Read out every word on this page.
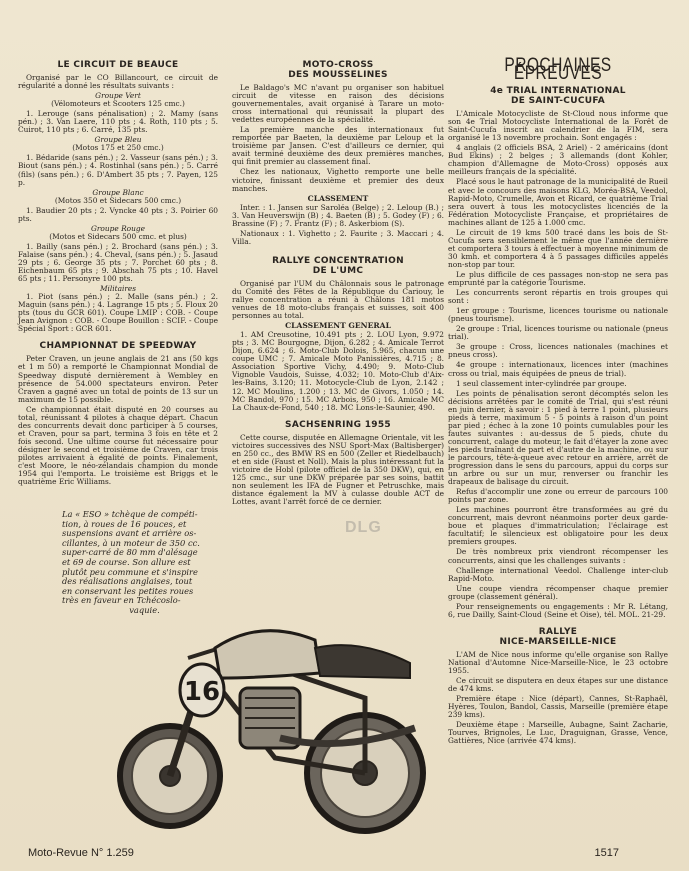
LE CIRCUIT DE BEAUCE

Organisé par le CO Billancourt, ce circuit de régularité a donné les résultats suivants :

Groupe Vert

(Vélomoteurs et Scooters 125 cmc.)

1. Lerouge (sans pénalisation) ; 2. Mamy (sans pén.) ; 3. Van Laere, 110 pts ; 4. Roth, 110 pts ; 5. Cuirot, 110 pts ; 6. Carré, 135 pts.

Groupe Bleu

(Motos 175 et 250 cmc.)

1. Bédaride (sans pén.) ; 2. Vasseur (sans pén.) ; 3. Biout (sans pén.) ; 4. Rostinhal (sans pén.) ; 5. Carré (fils) (sans pén.) ; 6. D'Ambert 35 pts ; 7. Payen, 125 p.

Groupe Blanc

(Motos 350 et Sidecars 500 cmc.)

1. Baudier 20 pts ; 2. Vyncke 40 pts ; 3. Poirier 60 pts.

Groupe Rouge

(Motos et Sidecars 500 cmc. et plus)

1. Bailly (sans pén.) ; 2. Brochard (sans pén.) ; 3. Falaise (sans pén.) ; 4. Cheval, (sans pén.) ; 5. Jasaud 29 pts ; 6. George 35 pts ; 7. Porchet 60 pts ; 8. Eichenbaum 65 pts ; 9. Abschah 75 pts ; 10. Havel 65 pts ; 11. Personyre 100 pts.

Militaires

1. Piot (sans pén.) ; 2. Malle (sans pén.) ; 2. Maguin (sans pén.) ; 4. Lagrange 15 pts ; 5. Floux 20 pts (tous du GCR 601). Coupe LMIP : COB. - Coupe Jean Avignon : COB. - Coupe Bouillon : SCIF. - Coupe Spécial Sport : GCR 601.

CHAMPIONNAT DE SPEEDWAY

Peter Craven, un jeune anglais de 21 ans (50 kgs et 1 m 50) a remporté le Championnat Mondial de Speedway disputé dernièrement à Wembley en présence de 54.000 spectateurs environ. Peter Craven a gagné avec un total de points de 13 sur un maximum de 15 possible.

Ce championnat était disputé en 20 courses au total, réunissant 4 pilotes à chaque départ. Chacun des concurrents devait donc participer à 5 courses, et Craven, pour sa part, termina 3 fois en tête et 2 fois second. Une ultime course fut nécessaire pour désigner le second et troisième de Craven, car trois pilotes arrivaient à égalité de points. Finalement, c'est Moore, le néo-zélandais champion du monde 1954 qui l'emporta. Le troisième est Briggs et le quatrième Eric Williams.

La « ESO » tchèque de compéti-
tion, à roues de 16 pouces, et
suspensions avant et arrière os-
cillantes, à un moteur de 350 cc.
super-carré de 80 mm d'alésage
et 69 de course. Son allure est
plutôt peu commune et s'inspire
des réalisations anglaises, tout
en conservant les petites roues
très en faveur en Tchécoslo-
vaquie.
MOTO-CROSS
DES MOUSSELINES

Le Baldago's MC n'avant pu organiser son habituel circuit de vitesse en raison des décisions gouvernementales, avait organisé à Tarare un moto-cross international qui réunissait la plupart des vedettes européennes de la spécialité.

La première manche des internationaux fut remportée par Baeten, la deuxième par Leloup et la troisième par Jansen. C'est d'ailleurs ce dernier, qui avait terminé deuxième des deux premières manches, qui finit premier au classement final.

Chez les nationaux, Vighetto remporte une belle victoire, finissant deuxième et premier des deux manches.

CLASSEMENT

Inter. : 1. Jansen sur Saroléa (Belge) ; 2. Leloup (B.) ; 3. Van Heuverswijn (B) ; 4. Baeten (B) ; 5. Godey (F) ; 6. Brassine (F) ; 7. Frantz (F) ; 8. Askerbiom (S).

Nationaux : 1. Vighetto ; 2. Faurite ; 3. Maccari ; 4. Villa.

RALLYE CONCENTRATION
DE L'UMC

Organisé par l'UM du Châlonnais sous le patronage du Comité des Fêtes de la République du Cariouy, le rallye concentration a réuni à Châlons 181 motos venues de 18 moto-clubs français et suisses, soit 400 personnes au total.

CLASSEMENT GENERAL

1. AM Creusotine, 10.491 pts ; 2. LOU Lyon, 9.972 pts ; 3. MC Bourgogne, Dijon, 6.282 ; 4. Amicale Terrot Dijon, 6.624 ; 6. Moto-Club Dolois, 5.965, chacun une coupe UMC ; 7. Amicale Moto Panissières, 4.715 ; 8. Association Sportive Vichy, 4.490; 9. Moto-Club Vignoble Vaudois, Suisse, 4.032; 10. Moto-Club d'Aix-les-Bains, 3.120; 11. Motocycle-Club de Lyon, 2.142 ; 12. MC Moulins, 1.200 ; 13. MC de Givors, 1.050 ; 14. MC Bandol, 970 ; 15. MC Arbois, 950 ; 16. Amicale MC La Chaux-de-Fond, 540 ; 18. MC Lons-le-Saunier, 490.

SACHSENRING 1955

Cette course, disputée en Allemagne Orientale, vit les victoires successives des NSU Sport-Max (Baltisberger) en 250 cc., des BMW RS en 500 (Zeller et Riedelbauch) et en side (Faust et Noll). Mais la plus intéressant fut la victoire de Hobl (pilote officiel de la 350 DKW), qui, en 125 cmc., sur une DKW préparée par ses soins, battit non seulement les IFA de Fugner et Petruschke, mais distance également la MV à culasse double ACT de Lottes, avant l'arrêt forcé de ce dernier.

DLG
PROCHAINES ÉPREUVES
4e TRIAL INTERNATIONAL
DE SAINT-CUCUFA

L'Amicale Motocycliste de St-Cloud nous informe que son 4e Trial Motocycliste International de la Forêt de Saint-Cucufa inscrit au calendrier de la FIM, sera organisé le 13 novembre prochain. Sont engagés :

4 anglais (2 officiels BSA, 2 Ariel) - 2 américains (dont Bud Ekins) ; 2 belges ; 3 allemands (dont Kohler, champion d'Allemagne de Moto-Cross) opposés aux meilleurs français de la spécialité.

Placé sous le haut patronage de la municipalité de Rueil et avec le concours des maisons KLG, Moréa-BSA, Veedol, Rapid-Moto, Crumelle, Avon et Ricard, ce quatrième Trial sera ouvert à tous les motocyclistes licenciés de la Fédération Motocycliste Française, et propriétaires de machines allant de 125 à 1.000 cmc.

Le circuit de 19 kms 500 tracé dans les bois de St-Cucufa sera sensiblement le même que l'année dernière et comportera 3 tours à effectuer à moyenne minimum de 30 kmh. et comportera 4 à 5 passages difficiles appelés non-stop par tour.

Le plus difficile de ces passages non-stop ne sera pas emprunté par la catégorie Tourisme.

Les concurrents seront répartis en trois groupes qui sont :

1er groupe : Tourisme, licences tourisme ou nationale (pneus tourisme).

2e groupe : Trial, licences tourisme ou nationale (pneus trial).

3e groupe : Cross, licences nationales (machines et pneus cross).

4e groupe : internationaux, licences inter (machines cross ou trial, mais équipées de pneus de trial).

1 seul classement inter-cylindrée par groupe.

Les points de pénalisation seront décomptés selon les décisions arrêtées par le comité de Trial, qui s'est réuni en juin dernier, à savoir : 1 pied à terre 1 point, plusieurs pieds à terre, maximum 5 - 5 points à raison d'un point par pied ; échec à la zone 10 points cumulables pour les fautes suivantes : au-dessus de 5 pieds, chute du concurrent, calage du moteur, le fait d'étayer la zone avec les pieds traînant de part et d'autre de la machine, ou sur le parcours, tête-à-queue avec retour en arrière, arrêt de progression dans le sens du parcours, appui du corps sur un arbre ou sur un mur, renverser ou franchir les drapeaux de balisage du circuit.

Refus d'accomplir une zone ou erreur de parcours 100 points par zone.

Les machines pourront être transformées au gré du concurrent, mais devront néanmoins porter deux garde-boue et plaques d'immatriculation; l'éclairage est facultatif; le silencieux est obligatoire pour les deux premiers groupes.

De très nombreux prix viendront récompenser les concurrents, ainsi que les challenges suivants :

Challenge international Veedol. Challenge inter-club Rapid-Moto.

Une coupe viendra récompenser chaque premier groupe (classement général).

Pour renseignements ou engagements : Mr R. Létang, 6, rue Dailly, Saint-Cloud (Seine et Oise), tél. MOL. 21-29.

RALLYE
NICE-MARSEILLE-NICE

L'AM de Nice nous informe qu'elle organise son Rallye National d'Automne Nice-Marseille-Nice, le 23 octobre 1955.

Ce circuit se disputera en deux étapes sur une distance de 474 kms.

Première étape : Nice (départ), Cannes, St-Raphaël, Hyères, Toulon, Bandol, Cassis, Marseille (première étape 239 kms).

Deuxième étape : Marseille, Aubagne, Saint Zacharie, Tourves, Brignoles, Le Luc, Draguignan, Grasse, Vence, Gattières, Nice (arrivée 474 kms).

16
Moto-Revue N° 1.259	1517
